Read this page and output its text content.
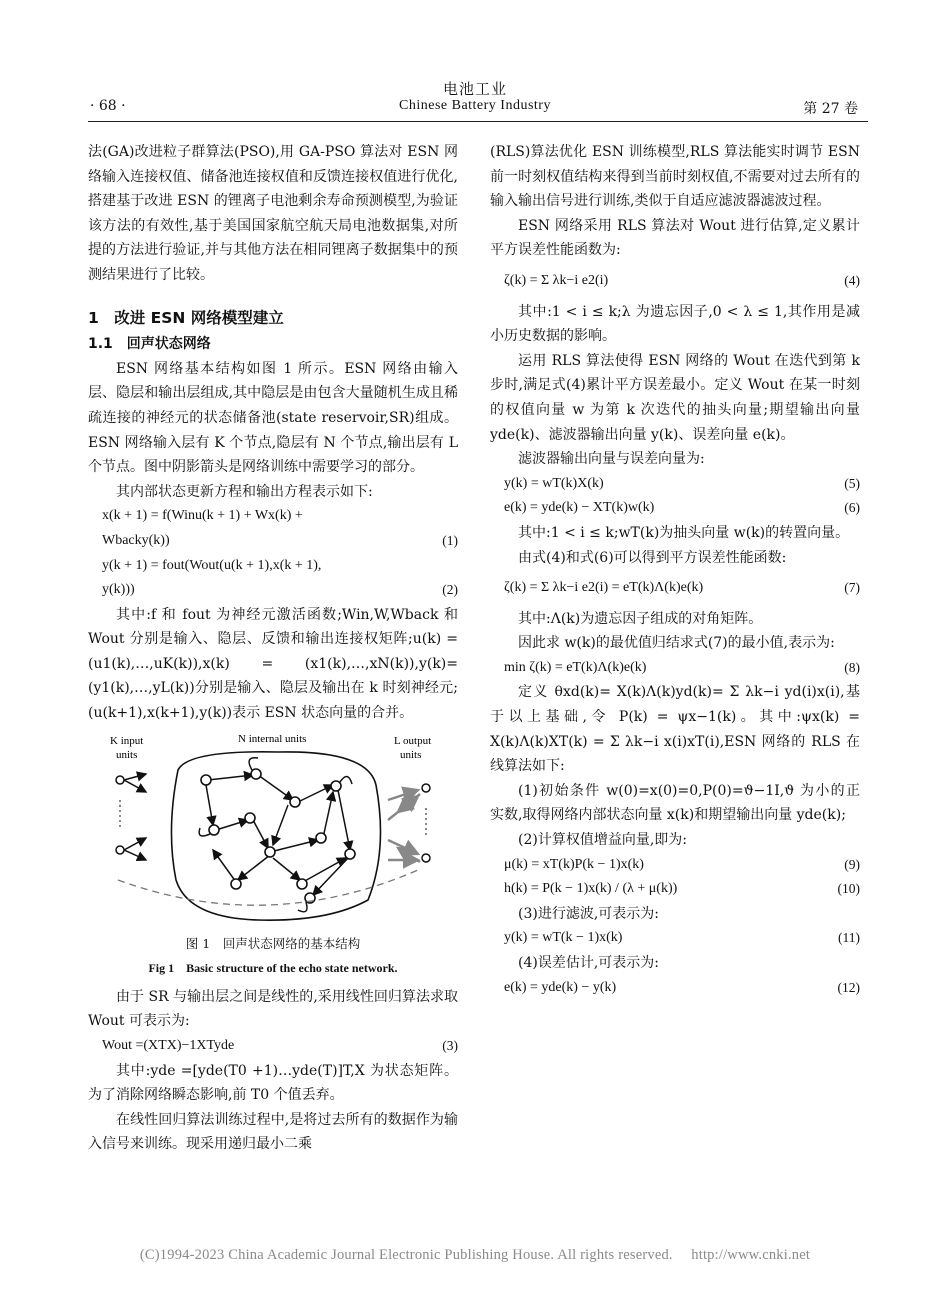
电池工业
Chinese Battery Industry
· 68 ·	第 27 卷

法(GA)改进粒子群算法(PSO),用 GA-PSO 算法对 ESN 网络输入连接权值、储备池连接权值和反馈连接权值进行优化,搭建基于改进 ESN 的锂离子电池剩余寿命预测模型,为验证该方法的有效性,基于美国国家航空航天局电池数据集,对所提的方法进行验证,并与其他方法在相同锂离子数据集中的预测结果进行了比较。

1　改进 ESN 网络模型建立
1.1　回声状态网络

ESN 网络基本结构如图 1 所示。ESN 网络由输入层、隐层和输出层组成,其中隐层是由包含大量随机生成且稀疏连接的神经元的状态储备池(state reservoir,SR)组成。ESN 网络输入层有 K 个节点,隐层有 N 个节点,输出层有 L 个节点。图中阴影箭头是网络训练中需要学习的部分。

其内部状态更新方程和输出方程表示如下:

x(k + 1) = f(Winu(k + 1) + Wx(k) +
Wbacky(k))	(1)
y(k + 1) = fout(Wout(u(k + 1),x(k + 1),
y(k)))	(2)

其中:f 和 fout 为神经元激活函数;Win,W,Wback 和 Wout 分别是输入、隐层、反馈和输出连接权矩阵;u(k) = (u1(k),…,uK(k)),x(k) = (x1(k),…,xN(k)),y(k)=(y1(k),…,yL(k))分别是输入、隐层及输出在 k 时刻神经元;(u(k+1),x(k+1),y(k))表示 ESN 状态向量的合并。

K input
units
N internal units	L output
units
图 1　回声状态网络的基本结构
Fig 1　Basic structure of the echo state network.

由于 SR 与输出层之间是线性的,采用线性回归算法求取 Wout 可表示为:

Wout =(XTX)−1XTyde	(3)

其中:yde =[yde(T0 +1)…yde(T)]T,X 为状态矩阵。为了消除网络瞬态影响,前 T0 个值丢弃。

在线性回归算法训练过程中,是将过去所有的数据作为输入信号来训练。现采用递归最小二乘

(RLS)算法优化 ESN 训练模型,RLS 算法能实时调节 ESN 前一时刻权值结构来得到当前时刻权值,不需要对过去所有的输入输出信号进行训练,类似于自适应滤波器滤波过程。

ESN 网络采用 RLS 算法对 Wout 进行估算,定义累计平方误差性能函数为:

ζ(k) = Σ λk−i e2(i)	(4)

其中:1 < i ≤ k;λ 为遗忘因子,0 < λ ≤ 1,其作用是减小历史数据的影响。

运用 RLS 算法使得 ESN 网络的 Wout 在迭代到第 k 步时,满足式(4)累计平方误差最小。定义 Wout 在某一时刻的权值向量 w 为第 k 次迭代的抽头向量;期望输出向量 yde(k)、滤波器输出向量 y(k)、误差向量 e(k)。

滤波器输出向量与误差向量为:

y(k) = wT(k)X(k)	(5)
e(k) = yde(k) − XT(k)w(k)	(6)

其中:1 < i ≤ k;wT(k)为抽头向量 w(k)的转置向量。

由式(4)和式(6)可以得到平方误差性能函数:

ζ(k) = Σ λk−i e2(i) = eT(k)Λ(k)e(k)	(7)

其中:Λ(k)为遗忘因子组成的对角矩阵。

因此求 w(k)的最优值归结求式(7)的最小值,表示为:

min ζ(k) = eT(k)Λ(k)e(k)	(8)

定义 θxd(k)= X(k)Λ(k)yd(k)= Σ λk−i yd(i)x(i),基于以上基础,令 P(k) = ψx−1(k)。其中:ψx(k) = X(k)Λ(k)XT(k) = Σ λk−i x(i)xT(i),ESN 网络的 RLS 在线算法如下:

(1)初始条件 w(0)=x(0)=0,P(0)=ϑ−1I,ϑ 为小的正实数,取得网络内部状态向量 x(k)和期望输出向量 yde(k);

(2)计算权值增益向量,即为:

μ(k) = xT(k)P(k − 1)x(k)	(9)
h(k) = P(k − 1)x(k) / (λ + μ(k))	(10)

(3)进行滤波,可表示为:

y(k) = wT(k − 1)x(k)	(11)

(4)误差估计,可表示为:

e(k) = yde(k) − y(k)	(12)
(C)1994-2023 China Academic Journal Electronic Publishing House. All rights reserved.　 http://www.cnki.net
